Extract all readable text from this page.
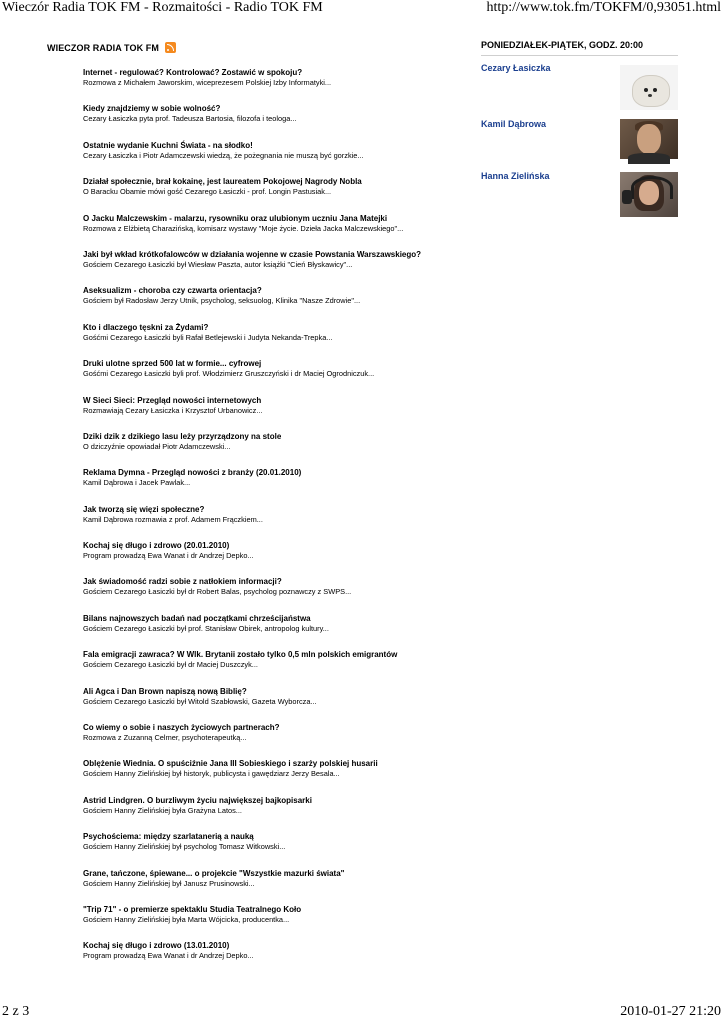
Wieczór Radia TOK FM - Rozmaitości - Radio TOK FM	http://www.tok.fm/TOKFM/0,93051.html
WIECZOR RADIA TOK FM
Internet - regulować? Kontrolować? Zostawić w spokoju?
Rozmowa z Michałem Jaworskim, wiceprezesem Polskiej Izby Informatyki...
Kiedy znajdziemy w sobie wolność?
Cezary Łasiczka pyta prof. Tadeusza Bartosia, filozofa i teologa...
Ostatnie wydanie Kuchni Świata - na słodko!
Cezary Łasiczka i Piotr Adamczewski wiedzą, że pożegnania nie muszą być gorzkie...
Działał społecznie, brał kokainę, jest laureatem Pokojowej Nagrody Nobla
O Baracku Obamie mówi gość Cezarego Łasiczki - prof. Longin Pastusiak...
O Jacku Malczewskim - malarzu, rysowniku oraz ulubionym uczniu Jana Matejki
Rozmowa z Elżbietą Charazińską, komisarz wystawy "Moje życie. Dzieła Jacka Malczewskiego"...
Jaki był wkład krótkofalowców w działania wojenne w czasie Powstania Warszawskiego?
Gościem Cezarego Łasiczki był Wiesław Paszta, autor książki "Cień Błyskawicy"...
Aseksualizm - choroba czy czwarta orientacja?
Gościem był Radosław Jerzy Utnik, psycholog, seksuolog, Klinika "Nasze Zdrowie"...
Kto i dlaczego tęskni za Żydami?
Gośćmi Cezarego Łasiczki byli Rafał Betlejewski i Judyta Nekanda-Trepka...
Druki ulotne sprzed 500 lat w formie... cyfrowej
Gośćmi Cezarego Łasiczki byli prof. Włodzimierz Gruszczyński i dr Maciej Ogrodniczuk...
W Sieci Sieci: Przegląd nowości internetowych
Rozmawiają Cezary Łasiczka i Krzysztof Urbanowicz...
Dziki dzik z dzikiego lasu leży przyrządzony na stole
O dziczyźnie opowiadał Piotr Adamczewski...
Reklama Dymna - Przegląd nowości z branży (20.01.2010)
Kamil Dąbrowa i Jacek Pawlak...
Jak tworzą się więzi społeczne?
Kamil Dąbrowa rozmawia z prof. Adamem Frączkiem...
Kochaj się długo i zdrowo (20.01.2010)
Program prowadzą Ewa Wanat i dr Andrzej Depko...
Jak świadomość radzi sobie z natłokiem informacji?
Gościem Cezarego Łasiczki był dr Robert Balas, psycholog poznawczy z SWPS...
Bilans najnowszych badań nad początkami chrześcijaństwa
Gościem Cezarego Łasiczki był prof. Stanisław Obirek, antropolog kultury...
Fala emigracji zawraca? W Wlk. Brytanii zostało tylko 0,5 mln polskich emigrantów
Gościem Cezarego Łasiczki był dr Maciej Duszczyk...
Ali Agca i Dan Brown napiszą nową Biblię?
Gościem Cezarego Łasiczki był Witold Szabłowski, Gazeta Wyborcza...
Co wiemy o sobie i naszych życiowych partnerach?
Rozmowa z Zuzanną Celmer, psychoterapeutką...
Oblężenie Wiednia. O spuściźnie Jana III Sobieskiego i szarży polskiej husarii
Gościem Hanny Zielińskiej był historyk, publicysta i gawędziarz Jerzy Besala...
Astrid Lindgren. O burzliwym życiu największej bajkopisarki
Gościem Hanny Zielińskiej była Grażyna Latos...
Psychościema: między szarlatanerią a nauką
Gościem Hanny Zielińskiej był psycholog Tomasz Witkowski...
Grane, tańczone, śpiewane... o projekcie "Wszystkie mazurki świata"
Gościem Hanny Zielińskiej był Janusz Prusinowski...
"Trip 71" - o premierze spektaklu Studia Teatralnego Koło
Gościem Hanny Zielińskiej była Marta Wójcicka, producentka...
Kochaj się długo i zdrowo (13.01.2010)
Program prowadzą Ewa Wanat i dr Andrzej Depko...
PONIEDZIAŁEK-PIĄTEK, GODZ. 20:00
Cezary Łasiczka
Kamil Dąbrowa
Hanna Zielińska
2 z 3	2010-01-27 21:20
